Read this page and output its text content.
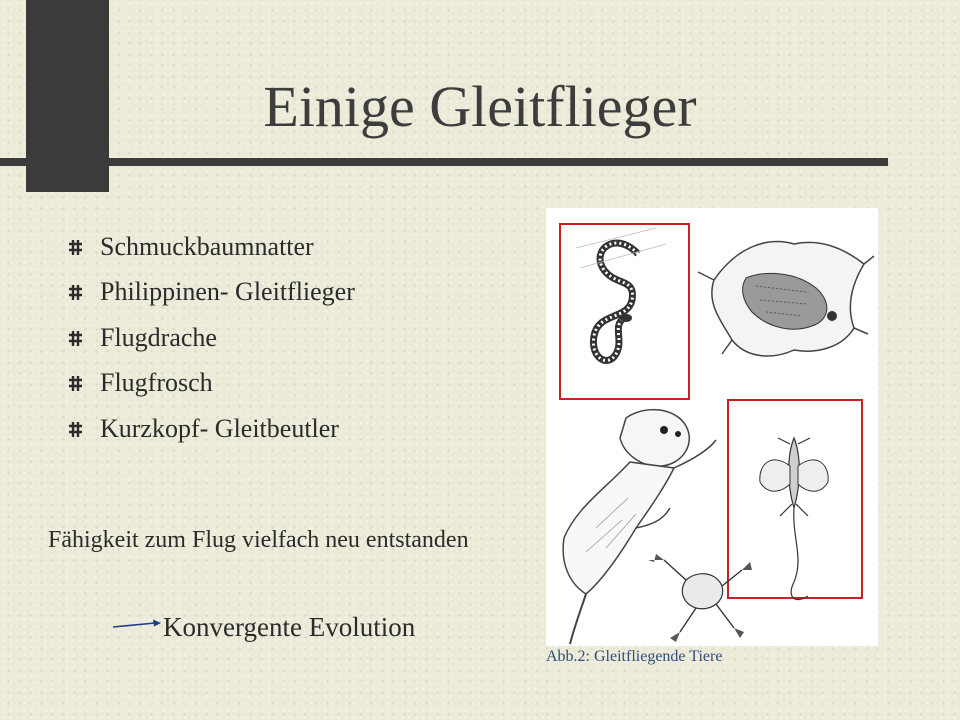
Einige Gleitflieger
Schmuckbaumnatter
Philippinen- Gleitflieger
Flugdrache
Flugfrosch
Kurzkopf- Gleitbeutler
Fähigkeit zum Flug vielfach neu entstanden
Konvergente Evolution
Abb.2: Gleitfliegende Tiere
